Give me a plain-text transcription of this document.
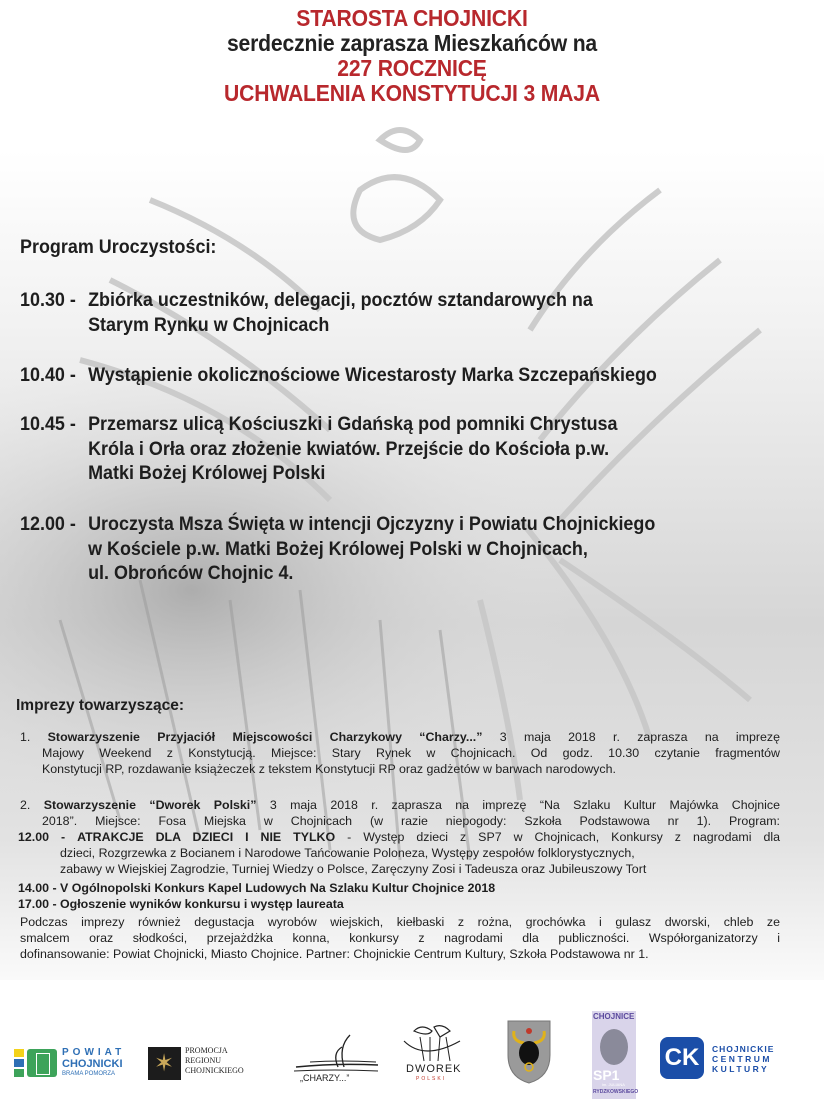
STAROSTA CHOJNICKI
serdecznie zaprasza Mieszkańców na
227 ROCZNICĘ
UCHWALENIA KONSTYTUCJI 3 MAJA
Program Uroczystości:
10.30 - Zbiórka uczestników, delegacji, pocztów sztandarowych na
Starym Rynku w Chojnicach
10.40 - Wystąpienie okolicznościowe Wicestarosty Marka Szczepańskiego
10.45 - Przemarsz ulicą Kościuszki i Gdańską pod pomniki Chrystusa
Króla i Orła oraz złożenie kwiatów. Przejście do Kościoła p.w.
Matki Bożej Królowej Polski
12.00 - Uroczysta Msza Święta w intencji Ojczyzny i Powiatu Chojnickiego
w Kościele p.w. Matki Bożej Królowej Polski w Chojnicach,
ul. Obrońców Chojnic 4.
Imprezy towarzyszące:
1. Stowarzyszenie Przyjaciół Miejscowości Charzykowy “Charzy...” 3 maja 2018 r. zaprasza na imprezę
Majowy Weekend z Konstytucją. Miejsce: Stary Rynek w Chojnicach. Od godz. 10.30 czytanie fragmentów
Konstytucji RP, rozdawanie książeczek z tekstem Konstytucji RP oraz gadżetów w barwach narodowych.
2. Stowarzyszenie “Dworek Polski” 3 maja 2018 r. zaprasza na imprezę “Na Szlaku Kultur Majówka Chojnice
2018”. Miejsce: Fosa Miejska w Chojnicach (w razie niepogody: Szkoła Podstawowa nr 1). Program:
12.00 - ATRAKCJE DLA DZIECI I NIE TYLKO - Występ dzieci z SP7 w Chojnicach, Konkursy z nagrodami dla
dzieci, Rozgrzewka z Bocianem i Narodowe Tańcowanie Poloneza, Występy zespołów folklorystycznych,
zabawy w Wiejskiej Zagrodzie, Turniej Wiedzy o Polsce, Zaręczyny Zosi i Tadeusza oraz Jubileuszowy Tort
14.00 - V Ogólnopolski Konkurs Kapel Ludowych Na Szlaku Kultur Chojnice 2018
17.00 - Ogłoszenie wyników konkursu i występ laureata
Podczas imprezy również degustacja wyrobów wiejskich, kiełbaski z rożna, grochówka i gulasz dworski, chleb ze
smalcem oraz słodkości, przejażdżka konna, konkursy z nagrodami dla publiczności. Współorganizatorzy i
dofinansowanie: Powiat Chojnicki, Miasto Chojnice. Partner: Chojnickie Centrum Kultury, Szkoła Podstawowa nr 1.
POWIAT
CHOJNICKI
BRAMA POMORZA ✶ PROMOCJA
REGIONU
CHOJNICKIEGO
„CHARZY...”
DWOREK
POLSKI
CHOJNICE
SP1
im. JULIANA
RYDZKOWSKIEGO
CK	CHOJNICKIE
CENTRUM
KULTURY
